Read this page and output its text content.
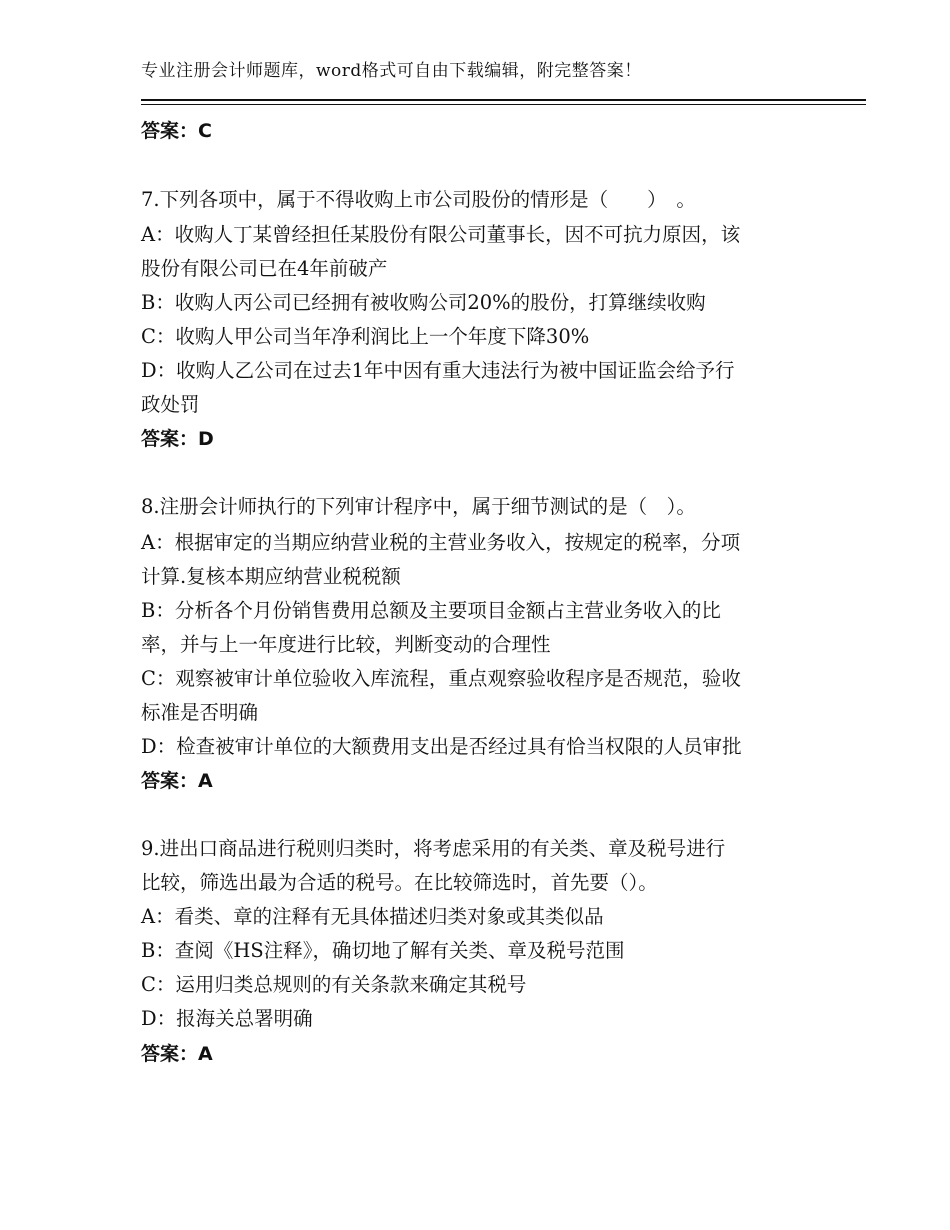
专业注册会计师题库，word格式可自由下载编辑，附完整答案！
答案：C
7.下列各项中，属于不得收购上市公司股份的情形是（　　）　。
A：收购人丁某曾经担任某股份有限公司董事长，因不可抗力原因，该
股份有限公司已在4年前破产
B：收购人丙公司已经拥有被收购公司20%的股份，打算继续收购
C：收购人甲公司当年净利润比上一个年度下降30%
D：收购人乙公司在过去1年中因有重大违法行为被中国证监会给予行
政处罚
答案：D
8.注册会计师执行的下列审计程序中，属于细节测试的是（　）。
A：根据审定的当期应纳营业税的主营业务收入，按规定的税率，分项
计算.复核本期应纳营业税税额
B：分析各个月份销售费用总额及主要项目金额占主营业务收入的比
率，并与上一年度进行比较，判断变动的合理性
C：观察被审计单位验收入库流程，重点观察验收程序是否规范，验收
标准是否明确
D：检查被审计单位的大额费用支出是否经过具有恰当权限的人员审批
答案：A
9.进出口商品进行税则归类时，将考虑采用的有关类、章及税号进行
比较，筛选出最为合适的税号。在比较筛选时，首先要（）。
A：看类、章的注释有无具体描述归类对象或其类似品
B：查阅《HS注释》，确切地了解有关类、章及税号范围
C：运用归类总规则的有关条款来确定其税号
D：报海关总署明确
答案：A
